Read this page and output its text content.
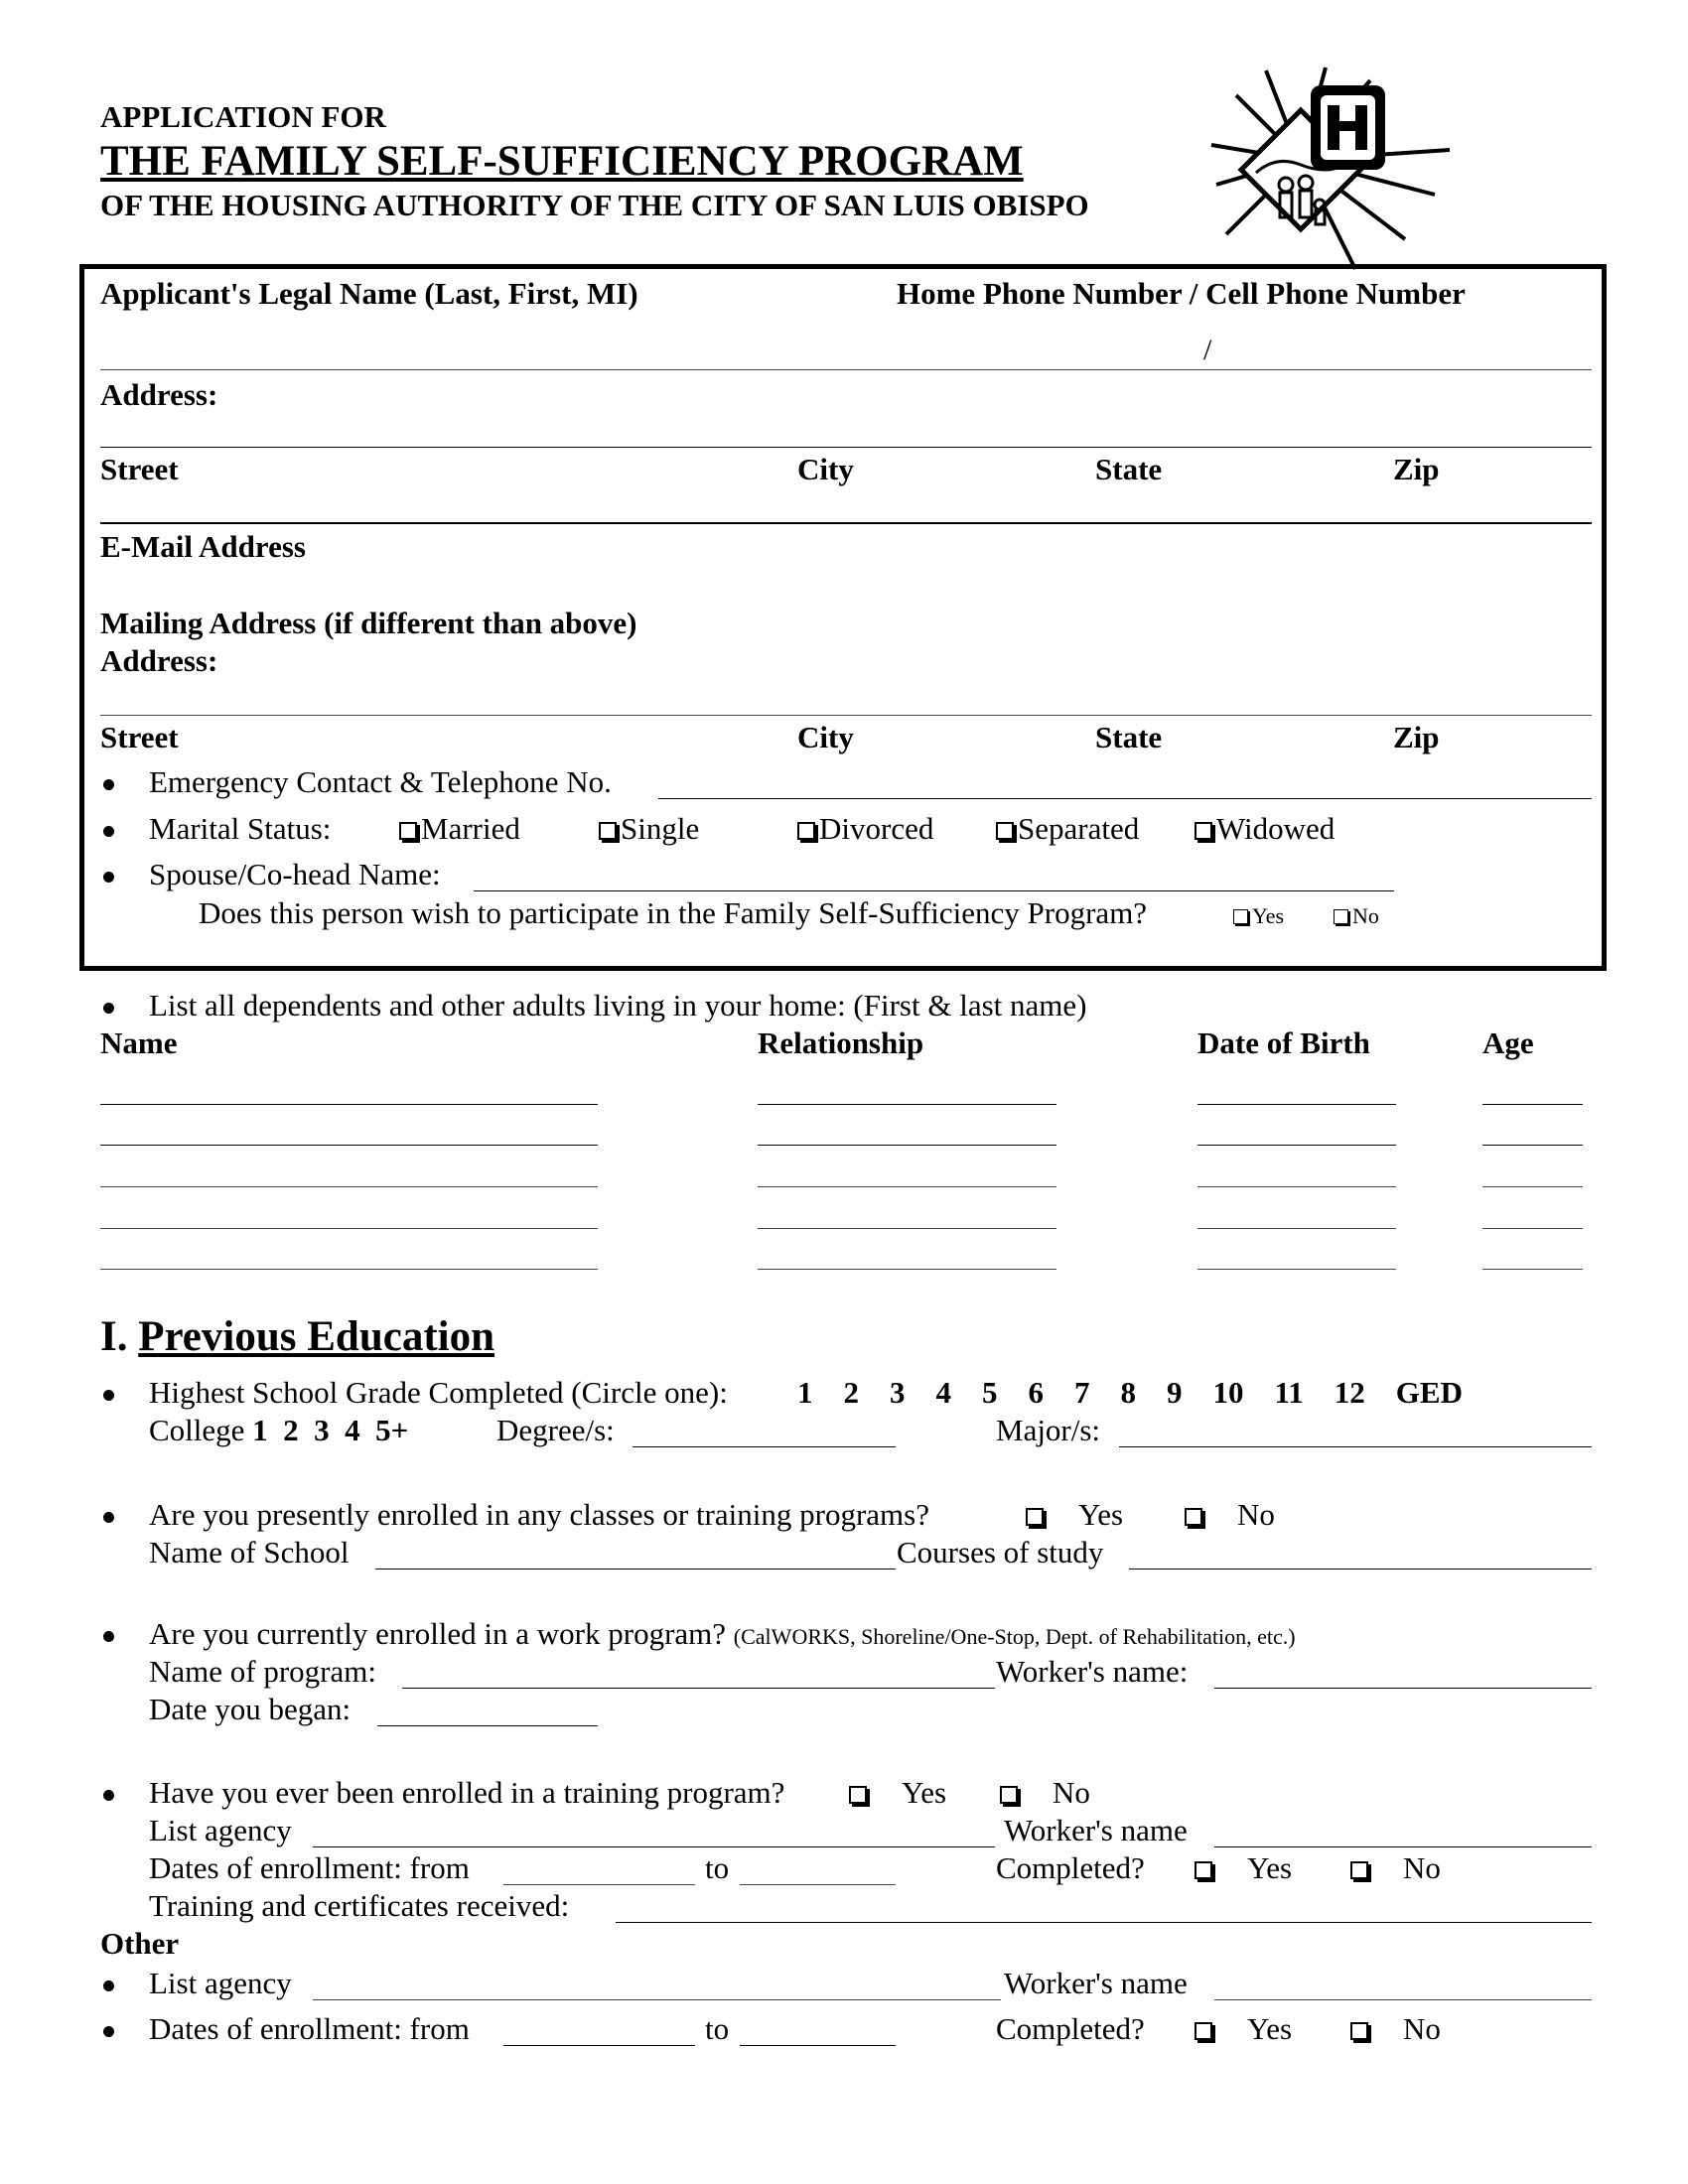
APPLICATION FOR
THE FAMILY SELF-SUFFICIENCY PROGRAM
OF THE HOUSING AUTHORITY OF THE CITY OF SAN LUIS OBISPO
Applicant's Legal Name (Last, First, MI)	Home Phone Number / Cell Phone Number
/
Address:
Street	City	State	Zip
E-Mail Address
Mailing Address (if different than above)
Address:
Street	City	State	Zip
Emergency Contact & Telephone No.
Marital Status:	Married	Single	Divorced	Separated	Widowed
Spouse/Co-head Name:
Does this person wish to participate in the Family Self-Sufficiency Program?	Yes	No
List all dependents and other adults living in your home: (First & last name)
Name	Relationship	Date of Birth	Age
I. Previous Education
Highest School Grade Completed (Circle one): 1 2 3 4 5 6 7 8 9 10 11 12 GED
College 1 2 3 4 5+	Degree/s:	Major/s:
Are you presently enrolled in any classes or training programs?	Yes	No
Name of School	Courses of study
Are you currently enrolled in a work program? (CalWORKS, Shoreline/One-Stop, Dept. of Rehabilitation, etc.)
Name of program:	Worker's name:
Date you began:
Have you ever been enrolled in a training program?	Yes	No
List agency	Worker's name
Dates of enrollment: from	to	Completed?	Yes	No
Training and certificates received:
Other
List agency	Worker's name
Dates of enrollment: from	to	Completed?	Yes	No
